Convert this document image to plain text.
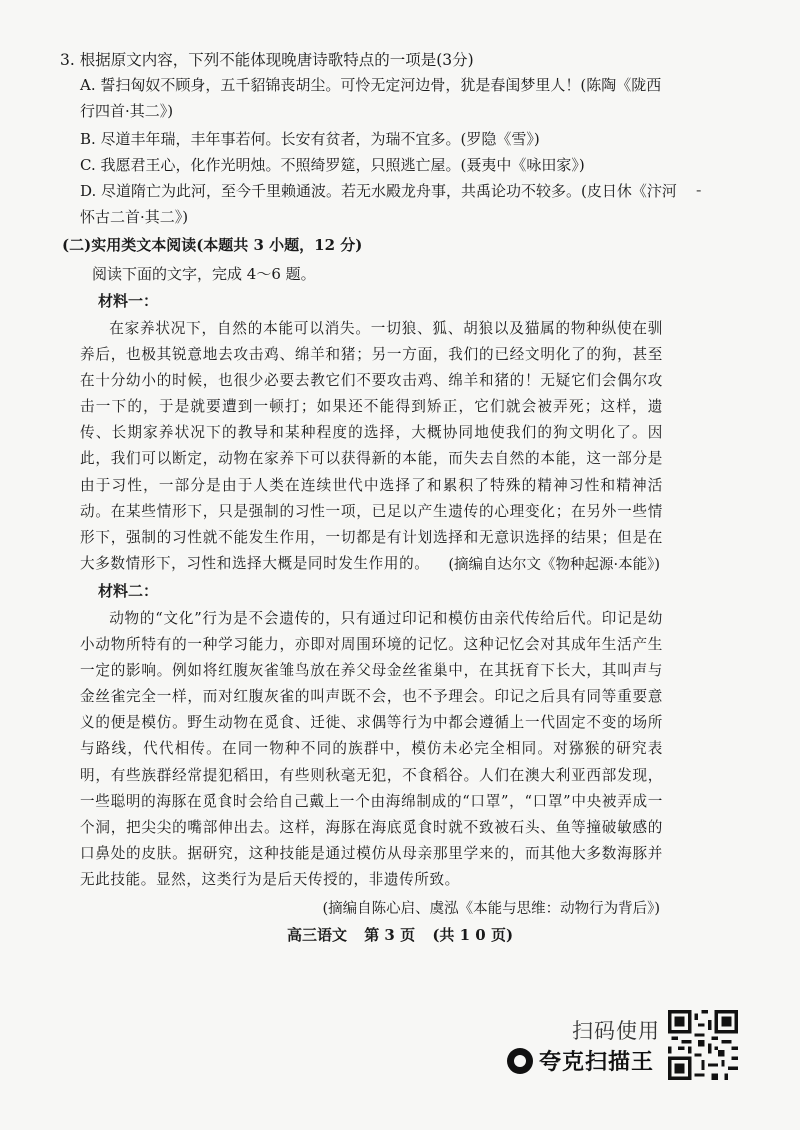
3. 根据原文内容，下列不能体现晚唐诗歌特点的一项是(3分)
A. 誓扫匈奴不顾身，五千貂锦丧胡尘。可怜无定河边骨，犹是春闺梦里人！(陈陶《陇西
行四首·其二》)
B. 尽道丰年瑞，丰年事若何。长安有贫者，为瑞不宜多。(罗隐《雪》)
C. 我愿君王心，化作光明烛。不照绮罗筵，只照逃亡屋。(聂夷中《咏田家》)
D. 尽道隋亡为此河，至今千里赖通波。若无水殿龙舟事，共禹论功不较多。(皮日休《汴河
怀古二首·其二》)
-
(二)实用类文本阅读(本题共 3 小题，12 分)
阅读下面的文字，完成 4～6 题。
材料一：
在家养状况下，自然的本能可以消失。一切狼、狐、胡狼以及猫属的物种纵使在驯养后，也极其锐意地去攻击鸡、绵羊和猪；另一方面，我们的已经文明化了的狗，甚至在十分幼小的时候，也很少必要去教它们不要攻击鸡、绵羊和猪的！无疑它们会偶尔攻击一下的，于是就要遭到一顿打；如果还不能得到矫正，它们就会被弄死；这样，遗传、长期家养状况下的教导和某种程度的选择，大概协同地使我们的狗文明化了。因此，我们可以断定，动物在家养下可以获得新的本能，而失去自然的本能，这一部分是由于习性，一部分是由于人类在连续世代中选择了和累积了特殊的精神习性和精神活动。在某些情形下，只是强制的习性一项，已足以产生遗传的心理变化；在另外一些情形下，强制的习性就不能发生作用，一切都是有计划选择和无意识选择的结果；但是在大多数情形下，习性和选择大概是同时发生作用的。	(摘编自达尔文《物种起源·本能》)
材料二：
动物的“文化”行为是不会遗传的，只有通过印记和模仿由亲代传给后代。印记是幼小动物所特有的一种学习能力，亦即对周围环境的记忆。这种记忆会对其成年生活产生一定的影响。例如将红腹灰雀雏鸟放在养父母金丝雀巢中，在其抚育下长大，其叫声与金丝雀完全一样，而对红腹灰雀的叫声既不会，也不予理会。印记之后具有同等重要意义的便是模仿。野生动物在觅食、迁徙、求偶等行为中都会遵循上一代固定不变的场所与路线，代代相传。在同一物种不同的族群中，模仿未必完全相同。对猕猴的研究表明，有些族群经常提犯稻田，有些则秋毫无犯，不食稻谷。人们在澳大利亚西部发现，一些聪明的海豚在觅食时会给自己戴上一个由海绵制成的“口罩”，“口罩”中央被弄成一个洞，把尖尖的嘴部伸出去。这样，海豚在海底觅食时就不致被石头、鱼等撞破敏感的口鼻处的皮肤。据研究，这种技能是通过模仿从母亲那里学来的，而其他大多数海豚并无此技能。显然，这类行为是后天传授的，非遗传所致。
(摘编自陈心启、虞泓《本能与思维：动物行为背后》)
高三语文 第 3 页 (共 1 0 页)
扫码使用
夸克扫描王
